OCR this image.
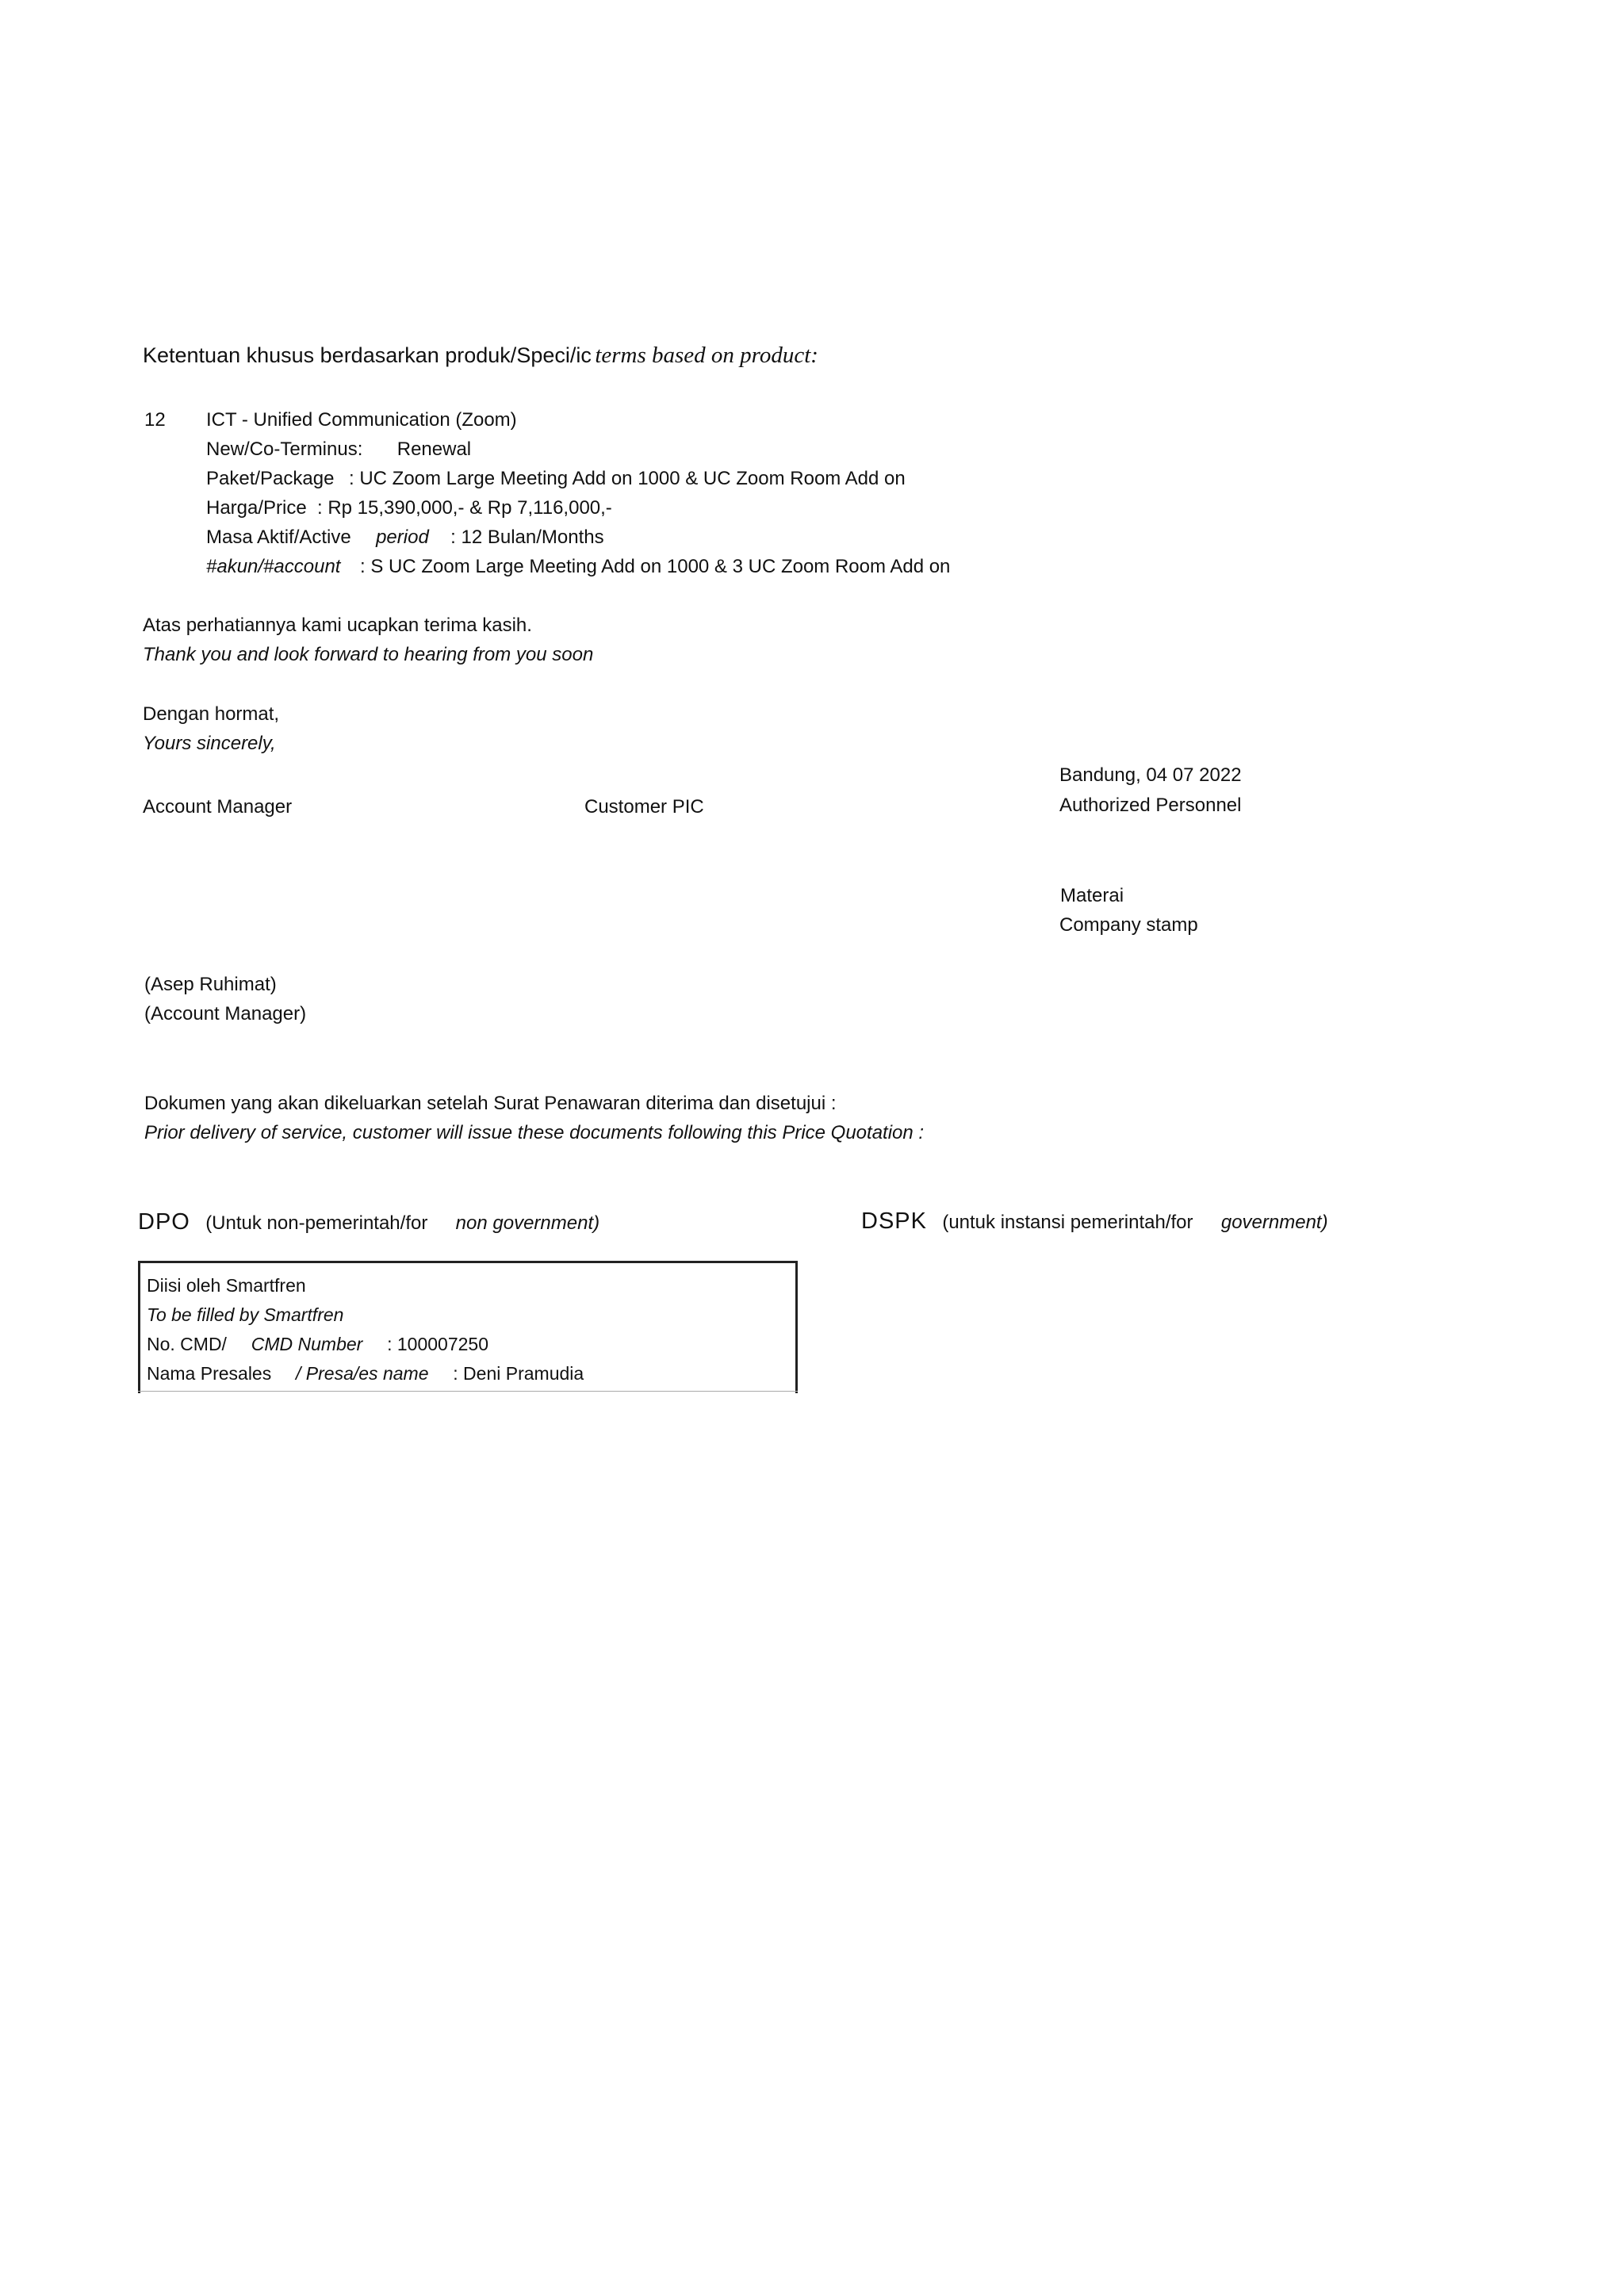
Ketentuan khusus berdasarkan produk/Speci/ic terms based on product:
12 ICT - Unified Communication (Zoom)
New/Co-Terminus: Renewal
Paket/Package : UC Zoom Large Meeting Add on 1000 & UC Zoom Room Add on
Harga/Price : Rp 15,390,000,- & Rp 7,116,000,-
Masa Aktif/Active period : 12 Bulan/Months
#akun/#account : S UC Zoom Large Meeting Add on 1000 & 3 UC Zoom Room Add on
Atas perhatiannya kami ucapkan terima kasih.
Thank you and look forward to hearing from you soon
Dengan hormat,
Yours sincerely,
Bandung, 04 07 2022
Account Manager	Customer PIC	Authorized Personnel
Materai
Company stamp
(Asep Ruhimat)
(Account Manager)
Dokumen yang akan dikeluarkan setelah Surat Penawaran diterima dan disetujui :
Prior delivery of service, customer will issue these documents following this Price Quotation :
DPO (Untuk non-pemerintah/for non government)	DSPK (untuk instansi pemerintah/for government)
Diisi oleh Smartfren
To be filled by Smartfren
No. CMD/ CMD Number : 100007250
Nama Presales / Presa/es name : Deni Pramudia
